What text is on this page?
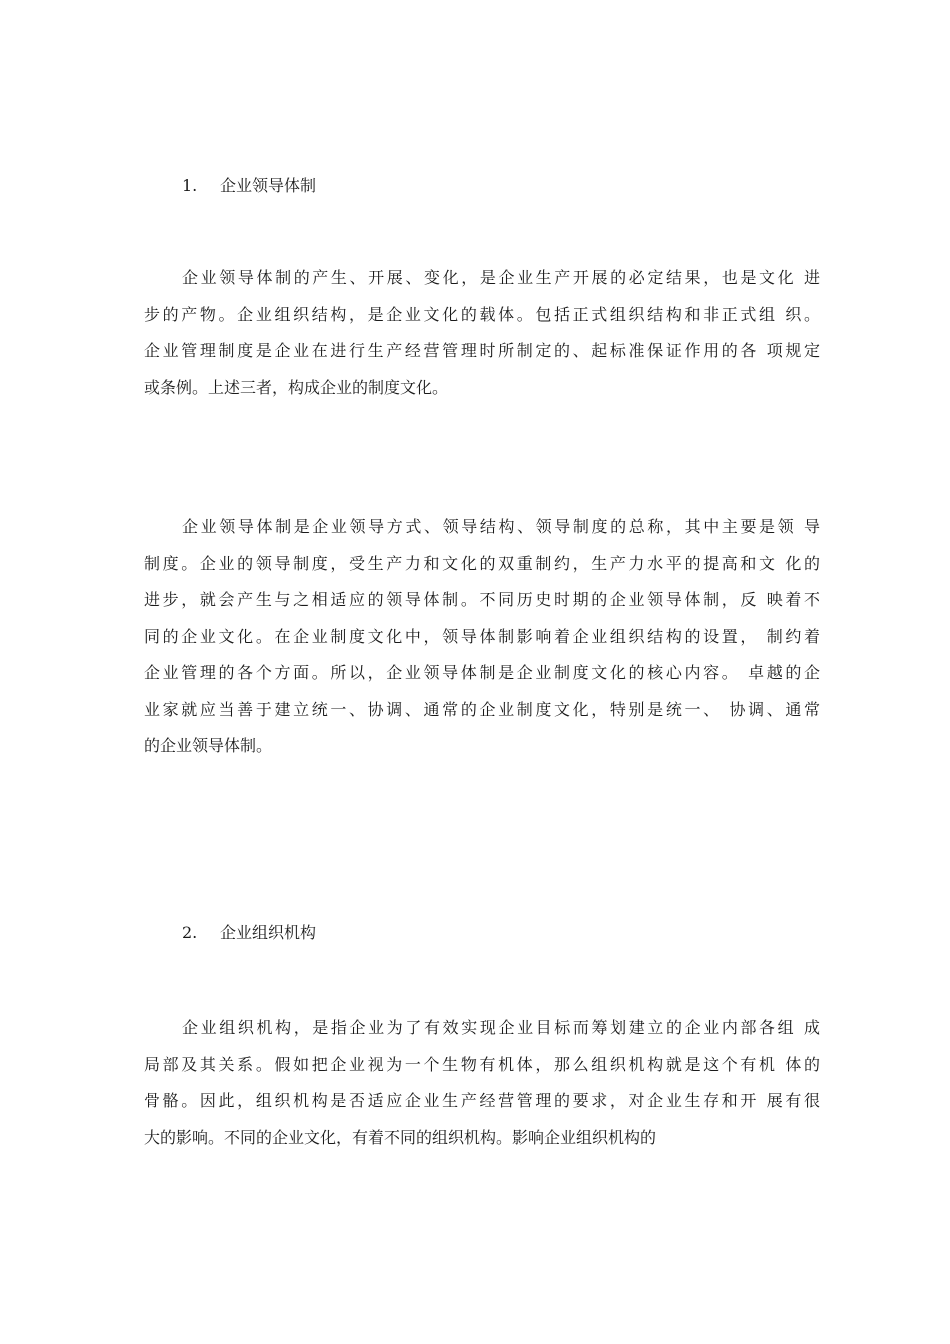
1. 企业领导体制
企业领导体制的产生、开展、变化，是企业生产开展的必定结果，也是文化 进
步的产物。企业组织结构，是企业文化的载体。包括正式组织结构和非正式组 织。
企业管理制度是企业在进行生产经营管理时所制定的、起标准保证作用的各 项规定
或条例。上述三者，构成企业的制度文化。
企业领导体制是企业领导方式、领导结构、领导制度的总称，其中主要是领 导
制度。企业的领导制度，受生产力和文化的双重制约，生产力水平的提高和文 化的
进步，就会产生与之相适应的领导体制。不同历史时期的企业领导体制，反 映着不
同的企业文化。在企业制度文化中，领导体制影响着企业组织结构的设置， 制约着
企业管理的各个方面。所以，企业领导体制是企业制度文化的核心内容。 卓越的企
业家就应当善于建立统一、协调、通常的企业制度文化，特别是统一、 协调、通常
的企业领导体制。
2. 企业组织机构
企业组织机构，是指企业为了有效实现企业目标而筹划建立的企业内部各组 成
局部及其关系。假如把企业视为一个生物有机体，那么组织机构就是这个有机 体的
骨骼。因此，组织机构是否适应企业生产经营管理的要求，对企业生存和开 展有很
大的影响。不同的企业文化，有着不同的组织机构。影响企业组织机构的
